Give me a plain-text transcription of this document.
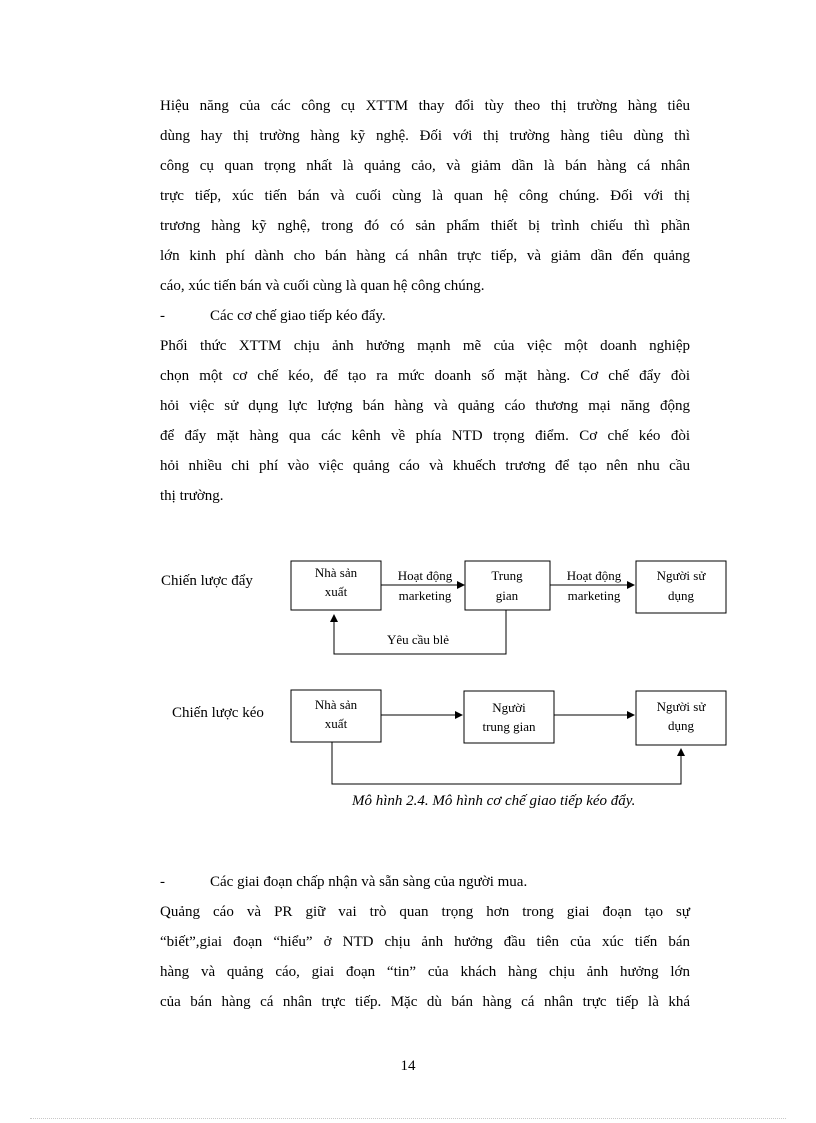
Hiệu năng của các công cụ XTTM thay đổi tùy theo thị trường hàng tiêu
dùng hay thị trường hàng kỹ nghệ. Đối với thị trường hàng tiêu dùng thì
công cụ quan trọng nhất là quảng cảo, và giảm dần là bán hàng cá nhân
trực tiếp, xúc tiến bán và cuối cùng là quan hệ công chúng. Đối với thị
trương hàng kỹ nghệ, trong đó có sản phẩm thiết bị trình chiếu thì phần
lớn kinh phí dành cho bán hàng cá nhân trực tiếp, và giảm dần đến quảng
cáo, xúc tiến bán và cuối cùng là quan hệ công chúng.
-	Các cơ chế giao tiếp kéo đẩy.
Phối thức XTTM chịu ảnh hưởng mạnh mẽ của việc một doanh nghiệp
chọn một cơ chế kéo, để tạo ra mức doanh số mặt hàng. Cơ chế đẩy đòi
hỏi việc sử dụng lực lượng bán hàng và quảng cáo thương mại năng động
để đẩy mặt hàng qua các kênh về phía NTD trọng điểm. Cơ chế kéo đòi
hỏi nhiều chi phí vào việc quảng cáo và khuếch trương để tạo nên nhu cầu
thị trường.
Chiến lược đẩy
Nhà sản
xuất
Hoạt động
marketing
Trung
gian
Hoạt động
marketing
Người sử
dụng
Yêu cầu blẻ
Chiến lược kéo
Nhà sản
xuất
Người
trung gian
Người sử
dụng
Mô hình 2.4. Mô hình cơ chế giao tiếp kéo đẩy.
-	Các giai đoạn chấp nhận và sẵn sàng của người mua.
Quảng cáo và PR giữ vai trò quan trọng hơn trong giai đoạn tạo sự
“biết”,giai đoạn “hiểu” ở NTD chịu ảnh hưởng đầu tiên của xúc tiến bán
hàng và quảng cáo, giai đoạn “tin” của khách hàng chịu ảnh hưởng lớn
của bán hàng cá nhân trực tiếp. Mặc dù bán hàng cá nhân trực tiếp là khá
14
